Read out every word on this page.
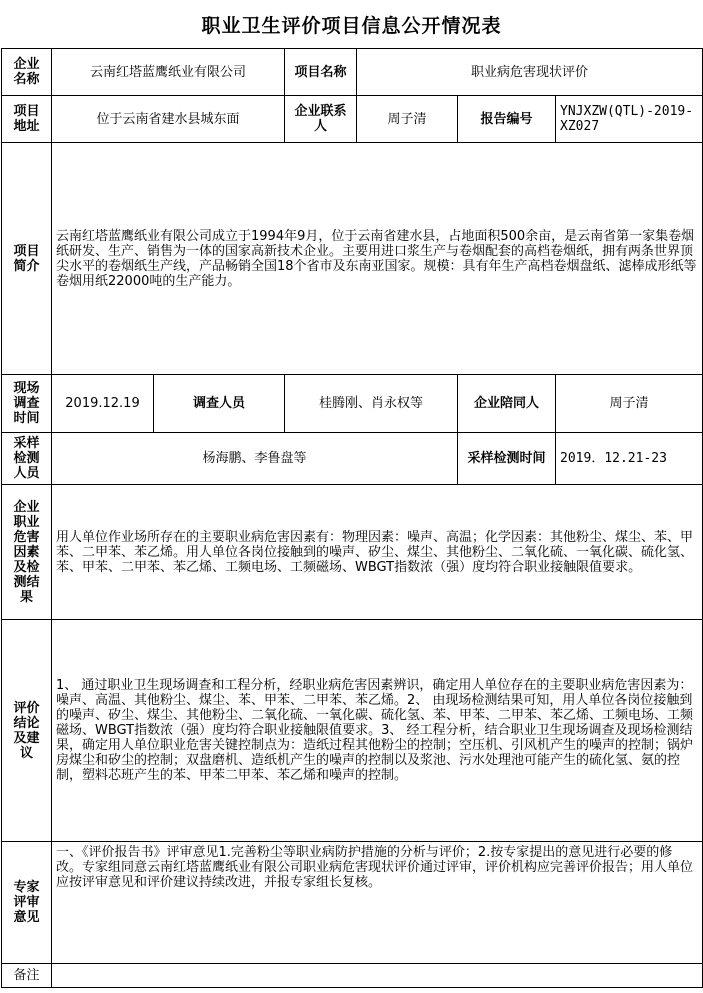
职业卫生评价项目信息公开情况表
企业名称	云南红塔蓝鹰纸业有限公司		项目名称	职业病危害现状评价		
项目地址	位于云南省建水县城东面		企业联系人	周子清	报告编号	YNJXZW(QTL)-2019-XZ027
项目简介	云南红塔蓝鹰纸业有限公司成立于1994年9月，位于云南省建水县，占地面积500余亩，是云南省第一家集卷烟纸研发、生产、销售为一体的国家高新技术企业。主要用进口浆生产与卷烟配套的高档卷烟纸，拥有两条世界顶尖水平的卷烟纸生产线，产品畅销全国18个省市及东南亚国家。规模：具有年生产高档卷烟盘纸、滤棒成形纸等卷烟用纸22000吨的生产能力。					
现场调查时间	2019.12.19	调查人员	桂腾刚、肖永权等		企业陪同人	周子清
采样检测人员	杨海鹏、李鲁盘等				采样检测时间	2019．12.21-23
企业职业危害因素及检测结果	用人单位作业场所存在的主要职业病危害因素有：物理因素：噪声、高温；化学因素：其他粉尘、煤尘、苯、甲苯、二甲苯、苯乙烯。用人单位各岗位接触到的噪声、矽尘、煤尘、其他粉尘、二氧化硫、一氧化碳、硫化氢、苯、甲苯、二甲苯、苯乙烯、工频电场、工频磁场、WBGT指数浓（强）度均符合职业接触限值要求。					
评价结论及建议	1、 通过职业卫生现场调查和工程分析，经职业病危害因素辨识，确定用人单位存在的主要职业病危害因素为：噪声、高温、其他粉尘、煤尘、苯、甲苯、二甲苯、苯乙烯。2、 由现场检测结果可知，用人单位各岗位接触到的噪声、矽尘、煤尘、其他粉尘、二氧化硫、一氧化碳、硫化氢、苯、甲苯、二甲苯、苯乙烯、工频电场、工频磁场、WBGT指数浓（强）度均符合职业接触限值要求。3、 经工程分析，结合职业卫生现场调查及现场检测结果，确定用人单位职业危害关键控制点为：造纸过程其他粉尘的控制；空压机、引风机产生的噪声的控制；锅炉房煤尘和矽尘的控制；双盘磨机、造纸机产生的噪声的控制以及浆池、污水处理池可能产生的硫化氢、氨的控制，塑料芯班产生的苯、甲苯二甲苯、苯乙烯和噪声的控制。					
专家评审意见	一、《评价报告书》评审意见1.完善粉尘等职业病防护措施的分析与评价；2.按专家提出的意见进行必要的修改。专家组同意云南红塔蓝鹰纸业有限公司职业病危害现状评价通过评审，评价机构应完善评价报告；用人单位应按评审意见和评价建议持续改进，并报专家组长复核。					
备注						
